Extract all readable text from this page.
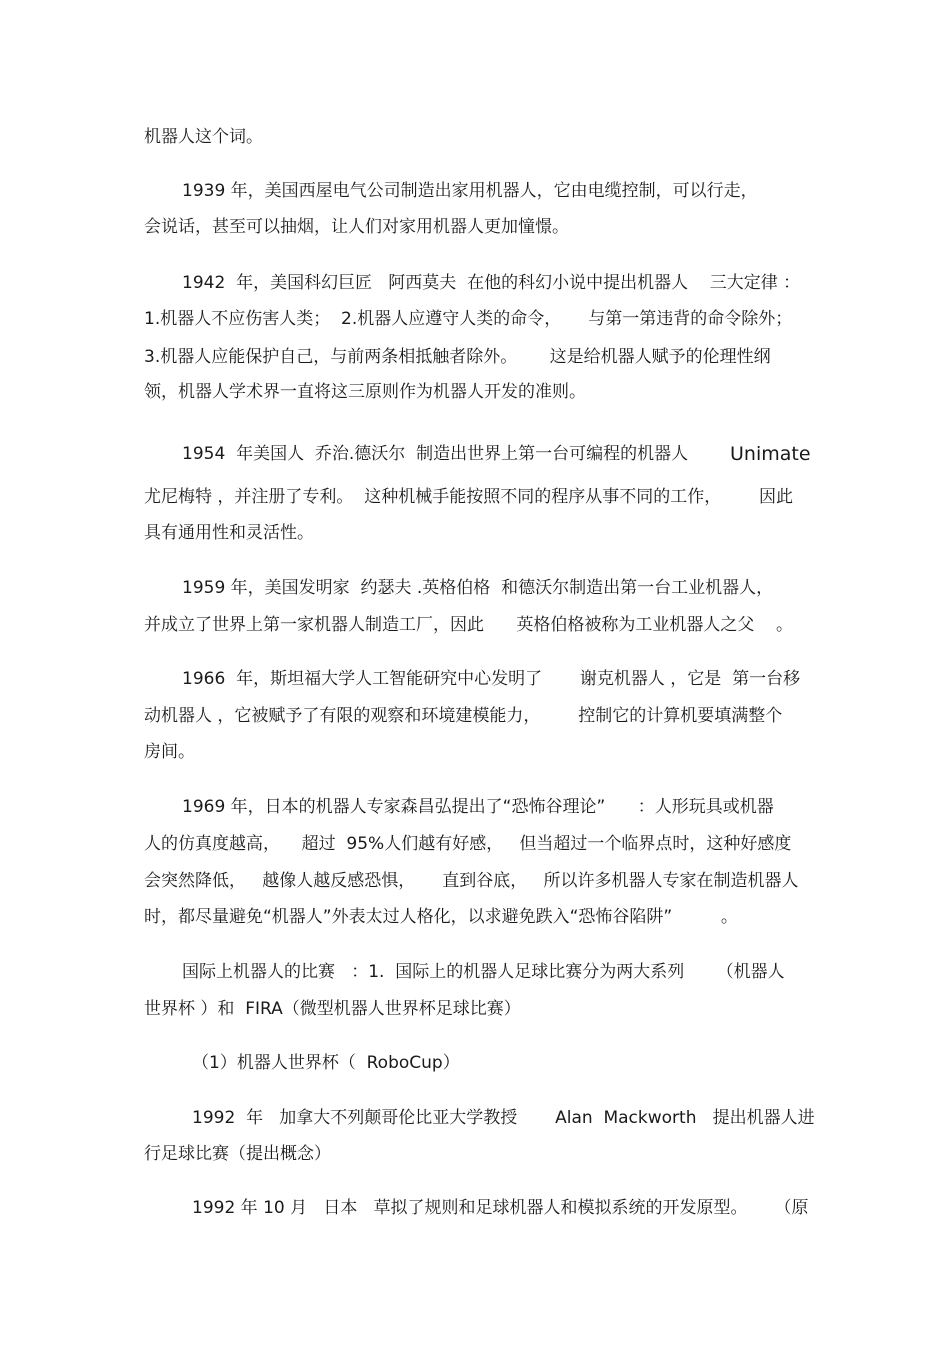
机器人这个词。
1939 年，美国西屋电气公司制造出家用机器人，它由电缆控制，可以行走，
会说话，甚至可以抽烟，让人们对家用机器人更加憧憬。
1942  年，美国科幻巨匠   阿西莫夫  在他的科幻小说中提出机器人    三大定律 ：
1.机器人不应伤害人类；  2.机器人应遵守人类的命令，     与第一第违背的命令除外；
3.机器人应能保护自己，与前两条相抵触者除外。      这是给机器人赋予的伦理性纲
领，机器人学术界一直将这三原则作为机器人开发的准则。
1954  年美国人  乔治.德沃尔  制造出世界上第一台可编程的机器人 Unimate
尤尼梅特 ，并注册了专利。  这种机械手能按照不同的程序从事不同的工作，       因此
具有通用性和灵活性。
1959 年，美国发明家  约瑟夫 .英格伯格  和德沃尔制造出第一台工业机器人，
并成立了世界上第一家机器人制造工厂，因此      英格伯格被称为工业机器人之父    。
1966  年，斯坦福大学人工智能研究中心发明了       谢克机器人 ，它是  第一台移
动机器人 ，它被赋予了有限的观察和环境建模能力，       控制它的计算机要填满整个
房间。
1969 年，日本的机器人专家森昌弘提出了“恐怖谷理论”      ：人形玩具或机器
人的仿真度越高，    超过  95%人们越有好感，   但当超过一个临界点时，这种好感度
会突然降低，   越像人越反感恐惧，     直到谷底，   所以许多机器人专家在制造机器人
时，都尽量避免“机器人”外表太过人格化，以求避免跌入“恐怖谷陷阱”         。
国际上机器人的比赛   ：1.  国际上的机器人足球比赛分为两大系列      （机器人
世界杯 ）和  FIRA（微型机器人世界杯足球比赛）
（1）机器人世界杯（  RoboCup）
1992  年   加拿大不列颠哥伦比亚大学教授       Alan  Mackworth   提出机器人进
行足球比赛（提出概念）
1992 年 10 月   日本   草拟了规则和足球机器人和模拟系统的开发原型。     （原
